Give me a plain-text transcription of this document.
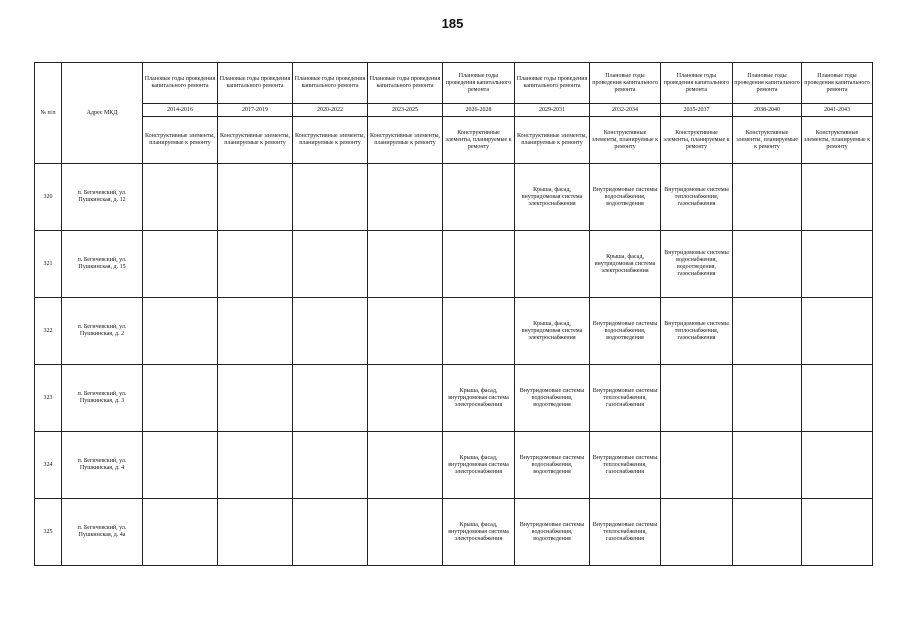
185
№ п/п	Адрес МКД	Плановые годы проведения капитального ремонта	Плановые годы проведения капитального ремонта	Плановые годы проведения капитального ремонта	Плановые годы проведения капитального ремонта	Плановые годы проведения капитального ремонта	Плановые годы проведения капитального ремонта	Плановые годы проведения капитального ремонта	Плановые годы проведения капитального ремонта	Плановые годы проведения капитального ремонта	Плановые годы проведения капитального ремонта
		2014-2016	2017-2019	2020-2022	2023-2025	2026-2028	2029-2031	2032-2034	2035-2037	2038-2040	2041-2043
		Конструктивные элементы, планируемые к ремонту	Конструктивные элементы, планируемые к ремонту	Конструктивные элементы, планируемые к ремонту	Конструктивные элементы, планируемые к ремонту	Конструктивные элементы, планируемые к ремонту	Конструктивные элементы, планируемые к ремонту	Конструктивные элементы, планируемые к ремонту	Конструктивные элементы, планируемые к ремонту	Конструктивные элементы, планируемые к ремонту	Конструктивные элементы, планируемые к ремонту
320	п. Бегичевский, ул. Пушкинская, д. 12						Крыша, фасад, внутридомовая система электроснабжения	Внутридомовые системы водоснабжения, водоотведения	Внутридомовые системы теплоснабжения, газоснабжения		
321	п. Бегичевский, ул. Пушкинская, д. 15							Крыша, фасад, внутридомовая система электроснабжения	Внутридомовые системы водоснабжения, водоотведения, газоснабжения		
322	п. Бегичевский, ул. Пушкинская, д. 2						Крыша, фасад, внутридомовая система электроснабжения	Внутридомовые системы водоснабжения, водоотведения	Внутридомовые системы теплоснабжения, газоснабжения		
323	п. Бегичевский, ул. Пушкинская, д. 3					Крыша, фасад, внутридомовая система электроснабжения	Внутридомовые системы водоснабжения, водоотведения	Внутридомовые системы теплоснабжения, газоснабжения			
324	п. Бегичевский, ул. Пушкинская, д. 4					Крыша, фасад, внутридомовая система электроснабжения	Внутридомовые системы водоснабжения, водоотведения	Внутридомовые системы теплоснабжения, газоснабжения			
325	п. Бегичевский, ул. Пушкинская, д. 4а					Крыша, фасад, внутридомовая система электроснабжения	Внутридомовые системы водоснабжения, водоотведения	Внутридомовые системы теплоснабжения, газоснабжения			
